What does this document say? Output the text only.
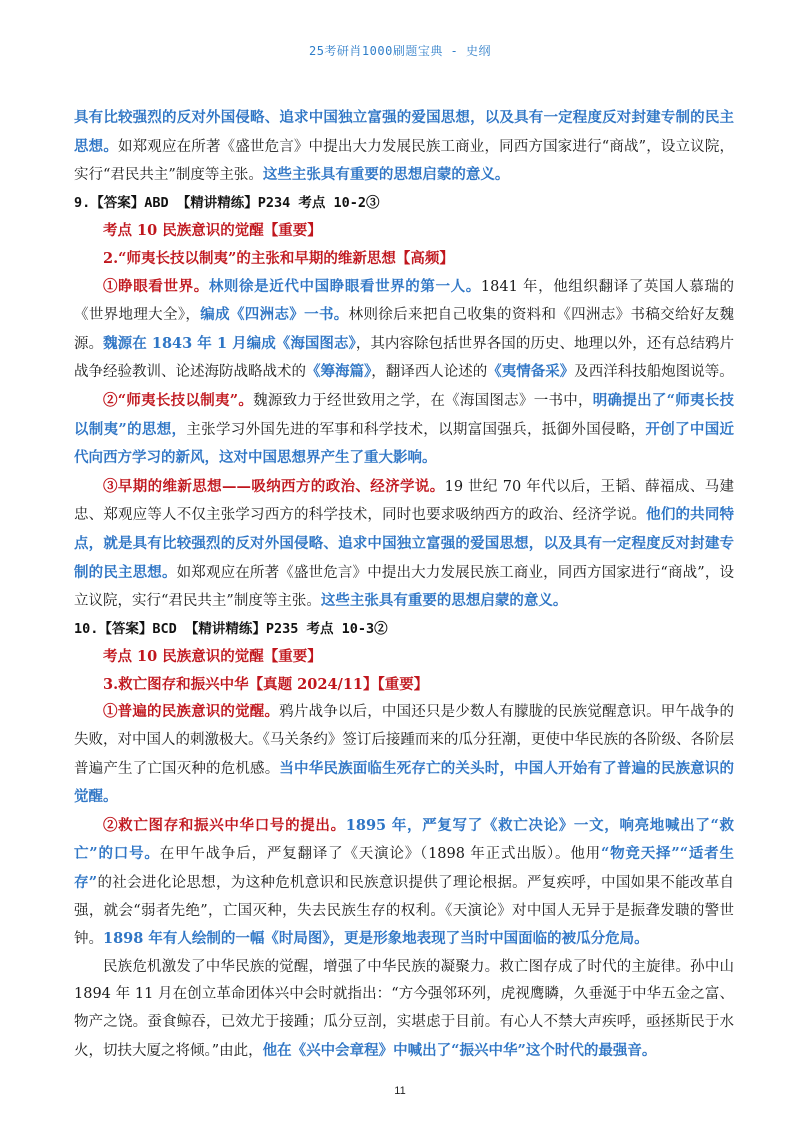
25考研肖1000刷题宝典 - 史纲

具有比较强烈的反对外国侵略、追求中国独立富强的爱国思想，以及具有一定程度反对封建专制的民主思想。如郑观应在所著《盛世危言》中提出大力发展民族工商业，同西方国家进行“商战”，设立议院，实行“君民共主”制度等主张。这些主张具有重要的思想启蒙的意义。

9.【答案】ABD 【精讲精练】P234 考点 10-2③

考点 10 民族意识的觉醒【重要】

2.“师夷长技以制夷”的主张和早期的维新思想【高频】

①睁眼看世界。林则徐是近代中国睁眼看世界的第一人。1841 年，他组织翻译了英国人慕瑞的《世界地理大全》，编成《四洲志》一书。林则徐后来把自己收集的资料和《四洲志》书稿交给好友魏源。魏源在 1843 年 1 月编成《海国图志》，其内容除包括世界各国的历史、地理以外，还有总结鸦片战争经验教训、论述海防战略战术的《筹海篇》，翻译西人论述的《夷情备采》及西洋科技船炮图说等。

②“师夷长技以制夷”。魏源致力于经世致用之学，在《海国图志》一书中，明确提出了“师夷长技以制夷”的思想，主张学习外国先进的军事和科学技术，以期富国强兵，抵御外国侵略，开创了中国近代向西方学习的新风，这对中国思想界产生了重大影响。

③早期的维新思想——吸纳西方的政治、经济学说。19 世纪 70 年代以后，王韬、薛福成、马建忠、郑观应等人不仅主张学习西方的科学技术，同时也要求吸纳西方的政治、经济学说。他们的共同特点，就是具有比较强烈的反对外国侵略、追求中国独立富强的爱国思想，以及具有一定程度反对封建专制的民主思想。如郑观应在所著《盛世危言》中提出大力发展民族工商业，同西方国家进行“商战”，设立议院，实行“君民共主”制度等主张。这些主张具有重要的思想启蒙的意义。

10.【答案】BCD 【精讲精练】P235 考点 10-3②

考点 10 民族意识的觉醒【重要】

3.救亡图存和振兴中华【真题 2024/11】【重要】

①普遍的民族意识的觉醒。鸦片战争以后，中国还只是少数人有朦胧的民族觉醒意识。甲午战争的失败，对中国人的刺激极大。《马关条约》签订后接踵而来的瓜分狂潮，更使中华民族的各阶级、各阶层普遍产生了亡国灭种的危机感。当中华民族面临生死存亡的关头时，中国人开始有了普遍的民族意识的觉醒。

②救亡图存和振兴中华口号的提出。1895 年，严复写了《救亡决论》一文，响亮地喊出了“救亡”的口号。在甲午战争后，严复翻译了《天演论》（1898 年正式出版）。他用“物竞天择”“适者生存”的社会进化论思想，为这种危机意识和民族意识提供了理论根据。严复疾呼，中国如果不能改革自强，就会“弱者先绝”，亡国灭种，失去民族生存的权利。《天演论》对中国人无异于是振聋发聩的警世钟。1898 年有人绘制的一幅《时局图》，更是形象地表现了当时中国面临的被瓜分危局。

民族危机激发了中华民族的觉醒，增强了中华民族的凝聚力。救亡图存成了时代的主旋律。孙中山 1894 年 11 月在创立革命团体兴中会时就指出：“方今强邻环列，虎视鹰瞵，久垂涎于中华五金之富、物产之饶。蚕食鲸吞，已效尤于接踵；瓜分豆剖，实堪虑于目前。有心人不禁大声疾呼，亟拯斯民于水火，切扶大厦之将倾。”由此，他在《兴中会章程》中喊出了“振兴中华”这个时代的最强音。

11
